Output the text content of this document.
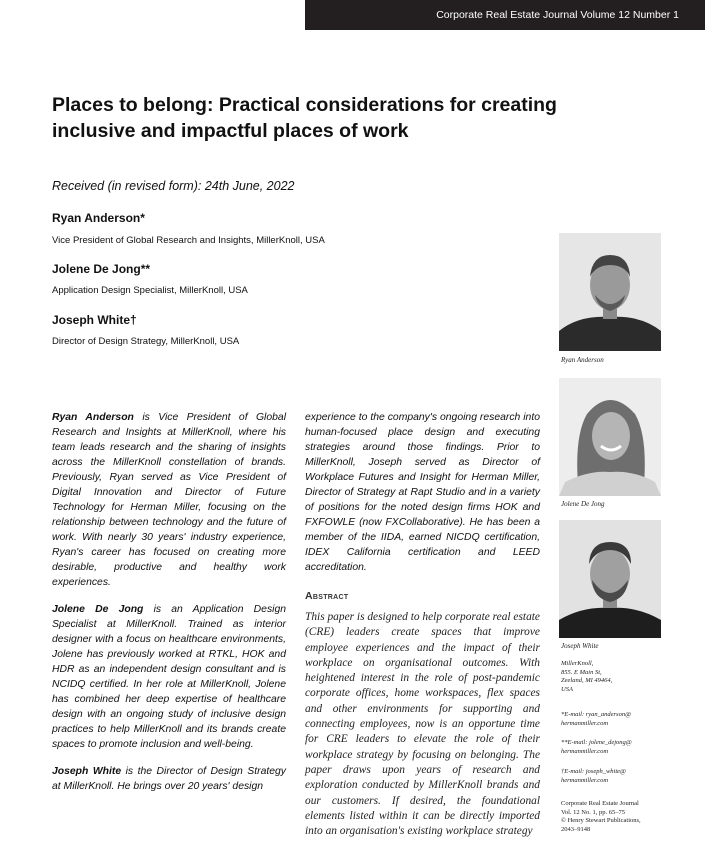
Corporate Real Estate Journal Volume 12 Number 1
Places to belong: Practical considerations for creating inclusive and impactful places of work
Received (in revised form): 24th June, 2022
Ryan Anderson*
Vice President of Global Research and Insights, MillerKnoll, USA
Jolene De Jong**
Application Design Specialist, MillerKnoll, USA
Joseph White†
Director of Design Strategy, MillerKnoll, USA

Ryan Anderson is Vice President of Global Research and Insights at MillerKnoll, where his team leads research and the sharing of insights across the MillerKnoll constellation of brands. Previously, Ryan served as Vice President of Digital Innovation and Director of Future Technology for Herman Miller, focusing on the relationship between technology and the future of work. With nearly 30 years' industry experience, Ryan's career has focused on creating more desirable, productive and healthy work experiences.

Jolene De Jong is an Application Design Specialist at MillerKnoll. Trained as interior designer with a focus on healthcare environments, Jolene has previously worked at RTKL, HOK and HDR as an independent design consultant and is NCIDQ certified. In her role at MillerKnoll, Jolene has combined her deep expertise of healthcare design with an ongoing study of inclusive design practices to help MillerKnoll and its brands create spaces to promote inclusion and well-being.

Joseph White is the Director of Design Strategy at MillerKnoll. He brings over 20 years' design

experience to the company's ongoing research into human-focused place design and executing strategies around those findings. Prior to MillerKnoll, Joseph served as Director of Workplace Futures and Insight for Herman Miller, Director of Strategy at Rapt Studio and in a variety of positions for the noted design firms HOK and FXFOWLE (now FXCollaborative). He has been a member of the IIDA, earned NICDQ certification, IDEX California certification and LEED accreditation.

Abstract
This paper is designed to help corporate real estate (CRE) leaders create spaces that improve employee experiences and the impact of their workplace on organisational outcomes. With heightened interest in the role of post-pandemic corporate offices, home workspaces, flex spaces and other environments for supporting and connecting employees, now is an opportune time for CRE leaders to elevate the role of their workplace strategy by focusing on belonging. The paper draws upon years of research and exploration conducted by MillerKnoll brands and our customers. If desired, the foundational elements listed within it can be directly imported into an organisation's existing workplace strategy
Ryan Anderson
Jolene De Jong
Joseph White
MillerKnoll,
855. E Main St,
Zeeland, MI 49464,
USA
*E-mail: ryan_anderson@
hermanmiller.com
**E-mail: jolene_dejong@
hermanmiller.com
†E-mail: joseph_white@
hermanmiller.com
Corporate Real Estate Journal
Vol. 12 No. 1, pp. 65–75
© Henry Stewart Publications,
2043–9148
